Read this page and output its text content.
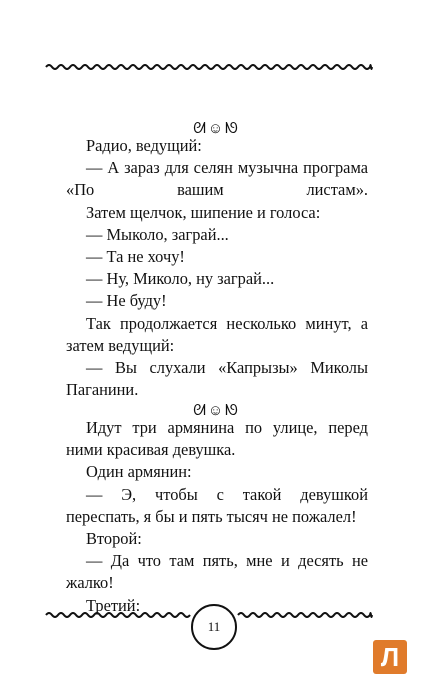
ᘛ☺ᘚ

Радио, ведущий:

— А зараз для селян музычна програма «По вашим листам».

Затем щелчок, шипение и голоса:

— Мыколо, заграй...

— Та не хочу!

— Ну, Миколо, ну заграй...

— Не буду!

Так продолжается несколько минут, а затем ведущий:

— Вы слухали «Капрызы» Миколы Паганини.

ᘛ☺ᘚ

Идут три армянина по улице, перед ними красивая девушка.

Один армянин:

— Э, чтобы с такой девушкой переспать, я бы и пять тысяч не пожалел!

Второй:

— Да что там пять, мне и десять не жалко!

Третий:

11
Л
